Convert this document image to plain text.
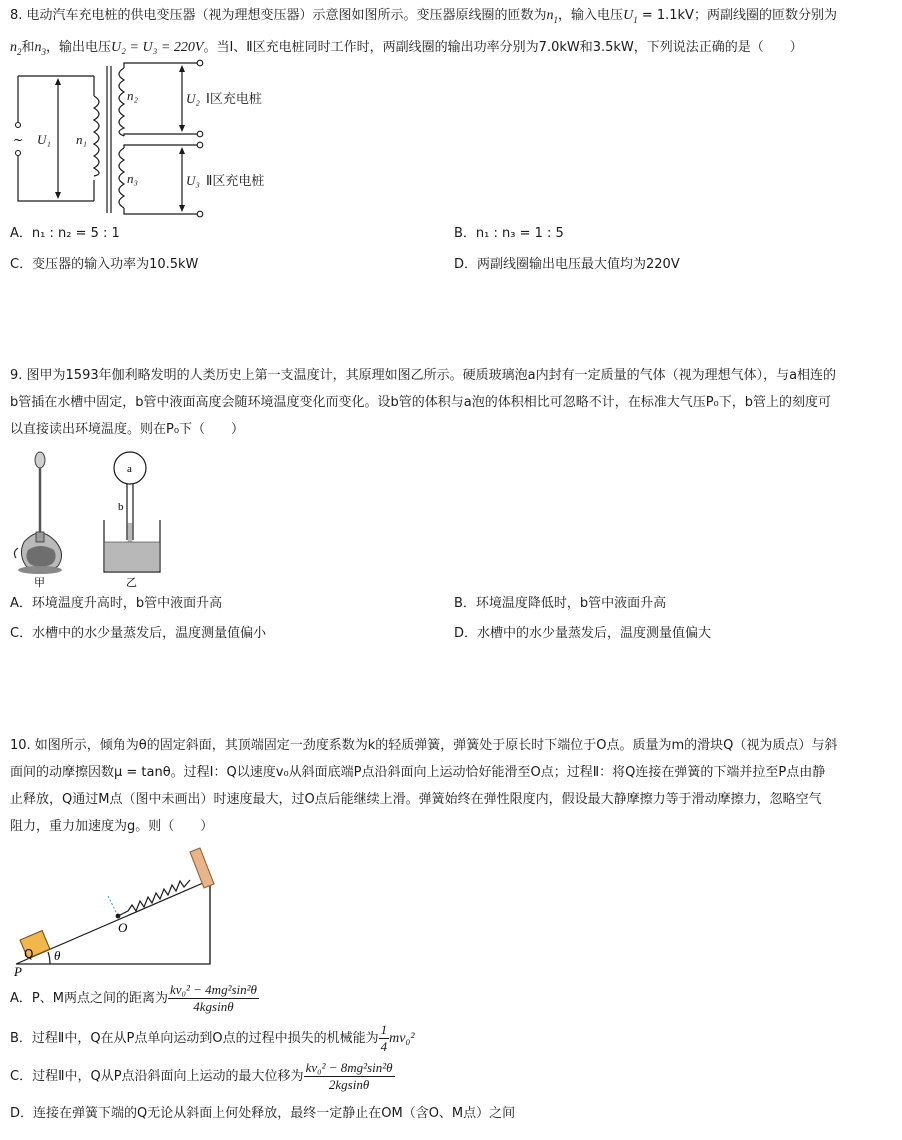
8. 电动汽车充电桩的供电变压器（视为理想变压器）示意图如图所示。变压器原线圈的匝数为$n_1$，输入电压$U_1 = 1.1kV$；两副线圈的匝数分别为
$n_2$和$n_3$，输出电压U₂ = U₃ = 220V。当Ⅰ、Ⅱ区充电桩同时工作时，两副线圈的输出功率分别为7.0kW和3.5kW，下列说法正确的是（　　）

~ U₁ n₁
n₂
n₃
U₂
U₃
Ⅰ区充电桩
Ⅱ区充电桩
A．n₁ : n₂ = 5 : 1	B．n₁ : n₃ = 1 : 5
C．变压器的输入功率为10.5kW	D．两副线圈输出电压最大值均为220V

9. 图甲为1593年伽利略发明的人类历史上第一支温度计，其原理如图乙所示。硬质玻璃泡a内封有一定质量的气体（视为理想气体），与a相连的
b管插在水槽中固定，b管中液面高度会随环境温度变化而变化。设b管的体积与a泡的体积相比可忽略不计，在标准大气压P₀下，b管上的刻度可
以直接读出环境温度。则在P₀下（　　）

甲
a
b
乙
A．环境温度升高时，b管中液面升高	B．环境温度降低时，b管中液面升高
C．水槽中的水少量蒸发后，温度测量值偏小	D．水槽中的水少量蒸发后，温度测量值偏大

10. 如图所示，倾角为θ的固定斜面，其顶端固定一劲度系数为k的轻质弹簧，弹簧处于原长时下端位于O点。质量为m的滑块Q（视为质点）与斜
面间的动摩擦因数μ = tanθ。过程Ⅰ：Q以速度v₀从斜面底端P点沿斜面向上运动恰好能滑至O点；过程Ⅱ：将Q连接在弹簧的下端并拉至P点由静
止释放，Q通过M点（图中未画出）时速度最大，过O点后能继续上滑。弹簧始终在弹性限度内，假设最大静摩擦力等于滑动摩擦力，忽略空气
阻力，重力加速度为g。则（　　）

Q
O
θ
P
A．P、M两点之间的距离为 $\frac{\text{kv₀² − 4mg²sin²θ}}{4kgsin\theta}$
B．过程Ⅱ中，Q在从P点单向运动到O点的过程中损失的机械能为 $\frac{1}{4} mv_0^2$
C．过程Ⅱ中，Q从P点沿斜面向上运动的最大位移为 $\frac{\text{kv₀² − 8mg²sin²θ}}{2kgsin\theta}$
D．连接在弹簧下端的Q无论从斜面上何处释放，最终一定静止在OM（含O、M点）之间
